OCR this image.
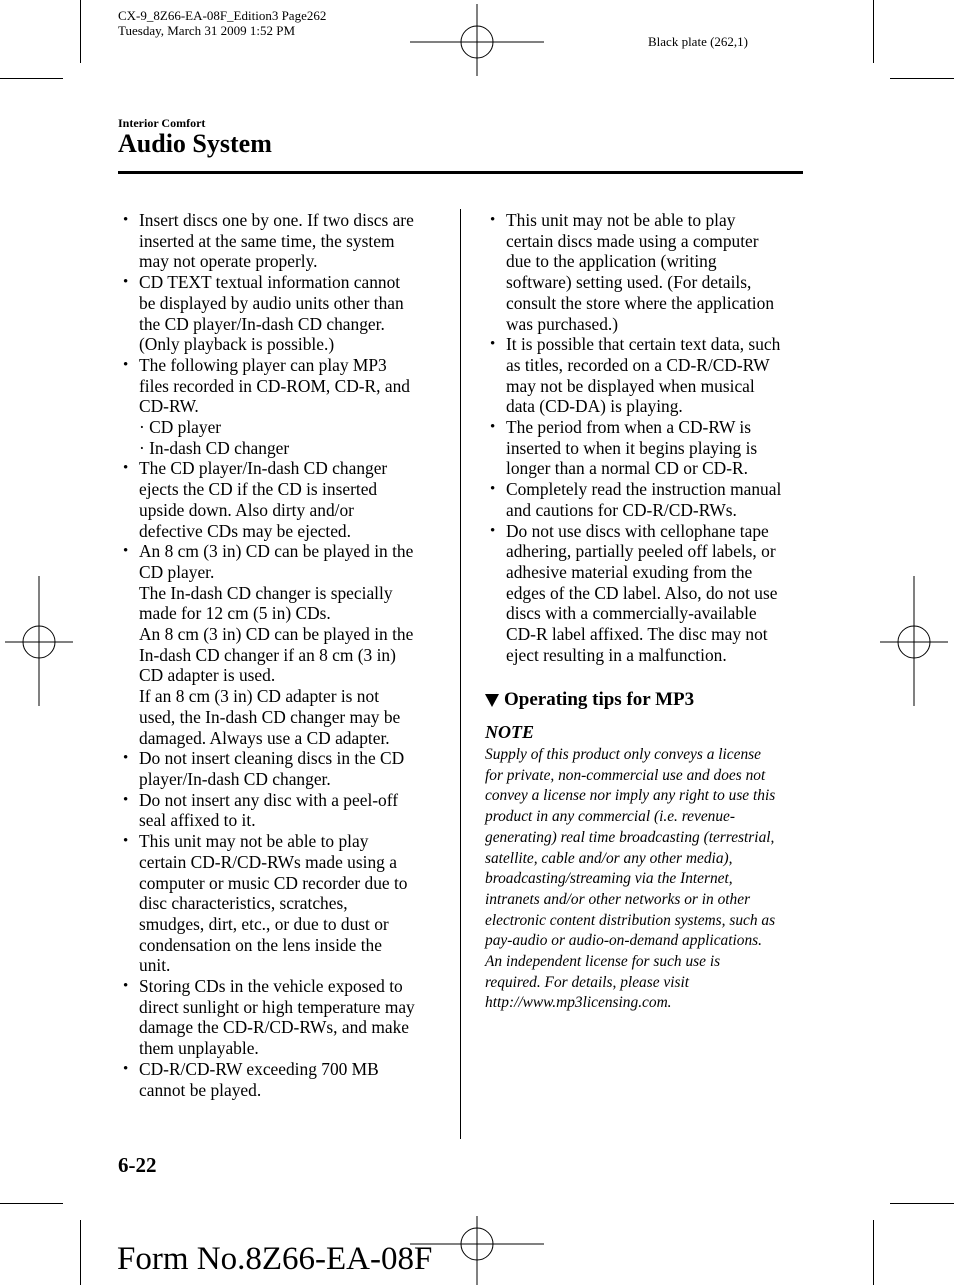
CX-9_8Z66-EA-08F_Edition3 Page262
Tuesday, March 31 2009 1:52 PM
Black plate (262,1)
Interior Comfort
Audio System
• Insert discs one by one. If two discs are
inserted at the same time, the system
may not operate properly.
• CD TEXT textual information cannot
be displayed by audio units other than
the CD player/In-dash CD changer.
(Only playback is possible.)
• The following player can play MP3
files recorded in CD-ROM, CD-R, and
CD-RW.
· CD player
· In-dash CD changer
• The CD player/In-dash CD changer
ejects the CD if the CD is inserted
upside down. Also dirty and/or
defective CDs may be ejected.
• An 8 cm (3 in) CD can be played in the
CD player.
The In-dash CD changer is specially
made for 12 cm (5 in) CDs.
An 8 cm (3 in) CD can be played in the
In-dash CD changer if an 8 cm (3 in)
CD adapter is used.
If an 8 cm (3 in) CD adapter is not
used, the In-dash CD changer may be
damaged. Always use a CD adapter.
• Do not insert cleaning discs in the CD
player/In-dash CD changer.
• Do not insert any disc with a peel-off
seal affixed to it.
• This unit may not be able to play
certain CD-R/CD-RWs made using a
computer or music CD recorder due to
disc characteristics, scratches,
smudges, dirt, etc., or due to dust or
condensation on the lens inside the
unit.
• Storing CDs in the vehicle exposed to
direct sunlight or high temperature may
damage the CD-R/CD-RWs, and make
them unplayable.
• CD-R/CD-RW exceeding 700 MB
cannot be played.
• This unit may not be able to play
certain discs made using a computer
due to the application (writing
software) setting used. (For details,
consult the store where the application
was purchased.)
• It is possible that certain text data, such
as titles, recorded on a CD-R/CD-RW
may not be displayed when musical
data (CD-DA) is playing.
• The period from when a CD-RW is
inserted to when it begins playing is
longer than a normal CD or CD-R.
• Completely read the instruction manual
and cautions for CD-R/CD-RWs.
• Do not use discs with cellophane tape
adhering, partially peeled off labels, or
adhesive material exuding from the
edges of the CD label. Also, do not use
discs with a commercially-available
CD-R label affixed. The disc may not
eject resulting in a malfunction.
Operating tips for MP3
NOTE
Supply of this product only conveys a license
for private, non-commercial use and does not
convey a license nor imply any right to use this
product in any commercial (i.e. revenue-
generating) real time broadcasting (terrestrial,
satellite, cable and/or any other media),
broadcasting/streaming via the Internet,
intranets and/or other networks or in other
electronic content distribution systems, such as
pay-audio or audio-on-demand applications.
An independent license for such use is
required. For details, please visit
http://www.mp3licensing.com.
6-22
Form No.8Z66-EA-08F
